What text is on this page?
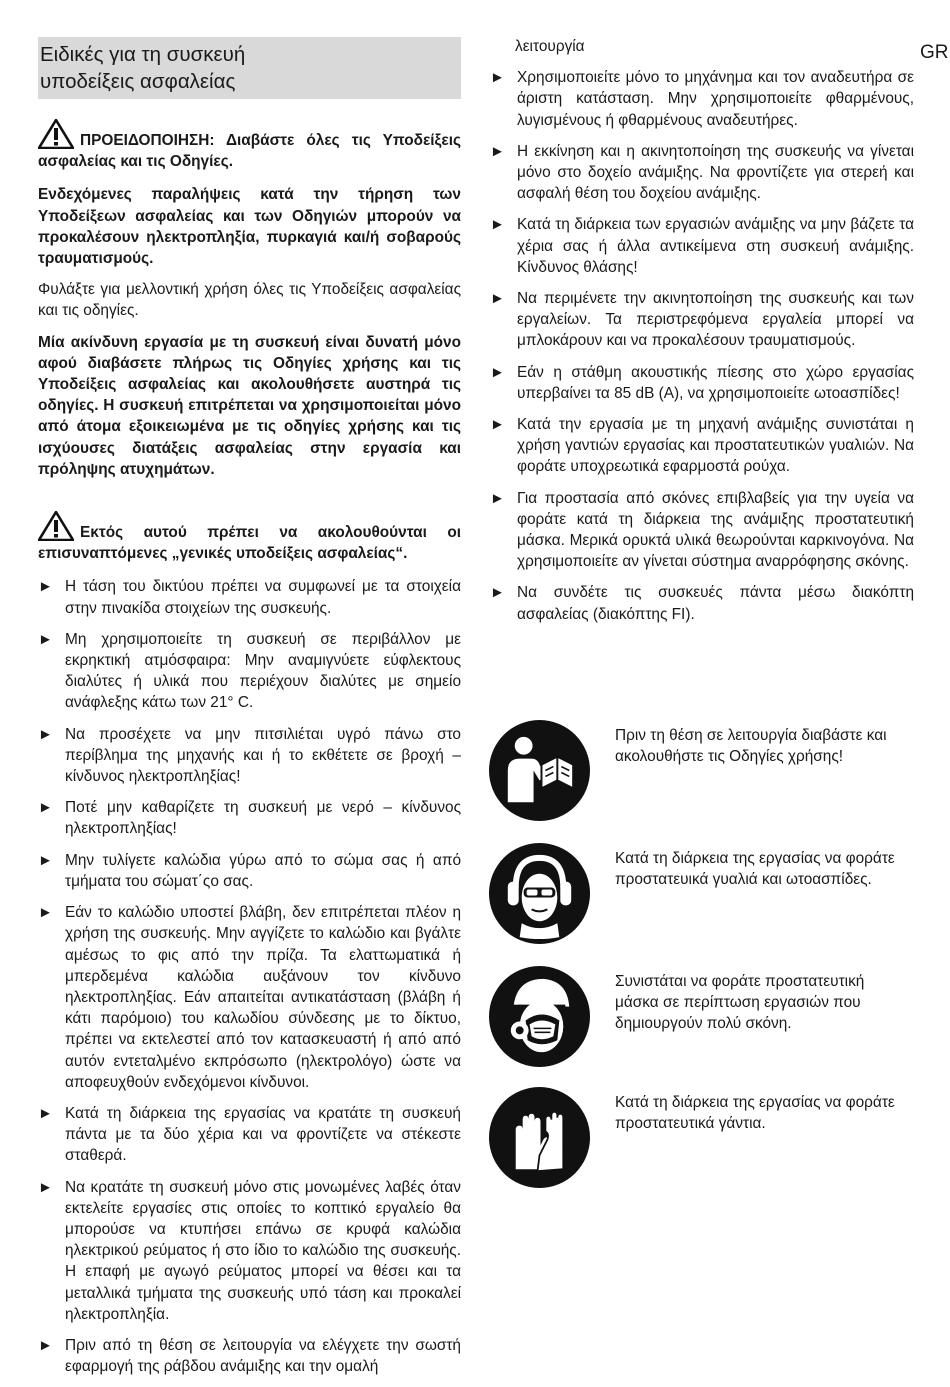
GR
Ειδικές για τη συσκευή
υποδείξεις ασφαλείας
ΠΡΟΕΙΔΟΠΟΙΗΣΗ: Διαβάστε όλες τις Υποδείξεις ασφαλείας και τις Οδηγίες.

Ενδεχόμενες παραλήψεις κατά την τήρηση των Υποδείξεων ασφαλείας και των Οδηγιών μπορούν να προκαλέσουν ηλεκτροπληξία, πυρκαγιά και/ή σοβαρούς τραυματισμούς.

Φυλάξτε για μελλοντική χρήση όλες τις Υποδείξεις ασφαλείας και τις οδηγίες.

Μία ακίνδυνη εργασία με τη συσκευή είναι δυνατή μόνο αφού διαβάσετε πλήρως τις Οδηγίες χρήσης και τις Υποδείξεις ασφαλείας και ακολουθήσετε αυστηρά τις οδηγίες. Η συσκευή επιτρέπεται να χρησιμοποιείται μόνο από άτομα εξοικειωμένα με τις οδηγίες χρήσης και τις ισχύουσες διατάξεις ασφαλείας στην εργασία και πρόληψης ατυχημάτων.

Εκτός αυτού πρέπει να ακολουθούνται οι επισυναπτόμενες „γενικές υποδείξεις ασφαλείας“.
► Η τάση του δικτύου πρέπει να συμφωνεί με τα στοιχεία στην πινακίδα στοιχείων της συσκευής.
► Μη χρησιμοποιείτε τη συσκευή σε περιβάλλον με εκρηκτική ατμόσφαιρα: Μην αναμιγνύετε εύφλεκτους διαλύτες ή υλικά που περιέχουν διαλύτες με σημείο ανάφλεξης κάτω των 21° C.
► Να προσέχετε να μην πιτσιλιέται υγρό πάνω στο περίβλημα της μηχανής και ή το εκθέτετε σε βροχή – κίνδυνος ηλεκτροπληξίας!
► Ποτέ μην καθαρίζετε τη συσκευή με νερό – κίνδυνος ηλεκτροπληξίας!
► Μην τυλίγετε καλώδια γύρω από το σώμα σας ή από τμήματα του σώματ΄ςο σας.
► Εάν το καλώδιο υποστεί βλάβη, δεν επιτρέπεται πλέον η χρήση της συσκευής. Μην αγγίζετε το καλώδιο και βγάλτε αμέσως το φις από την πρίζα. Τα ελαττωματικά ή μπερδεμένα καλώδια αυξάνουν τον κίνδυνο ηλεκτροπληξίας. Εάν απαιτείται αντικατάσταση (βλάβη ή κάτι παρόμοιο) του καλωδίου σύνδεσης με το δίκτυο, πρέπει να εκτελεστεί από τον κατασκευαστή ή από από αυτόν εντεταλμένο εκπρόσωπο (ηλεκτρολόγο) ώστε να αποφευχθούν ενδεχόμενοι κίνδυνοι.
► Κατά τη διάρκεια της εργασίας να κρατάτε τη συσκευή πάντα με τα δύο χέρια και να φροντίζετε να στέκεστε σταθερά.
► Να κρατάτε τη συσκευή μόνο στις μονωμένες λαβές όταν εκτελείτε εργασίες στις οποίες το κοπτικό εργαλείο θα μπορούσε να κτυπήσει επάνω σε κρυφά καλώδια ηλεκτρικού ρεύματος ή στο ίδιο το καλώδιο της συσκευής. Η επαφή με αγωγό ρεύματος μπορεί να θέσει και τα μεταλλικά τμήματα της συσκευής υπό τάση και προκαλεί ηλεκτροπληξία.
► Πριν από τη θέση σε λειτουργία να ελέγχετε την σωστή εφαρμογή της ράβδου ανάμιξης και την ομαλή
λειτουργία
► Χρησιμοποιείτε μόνο το μηχάνημα και τον αναδευτήρα σε άριστη κατάσταση. Μην χρησιμοποιείτε φθαρμένους, λυγισμένους ή φθαρμένους αναδευτήρες.
► Η εκκίνηση και η ακινητοποίηση της συσκευής να γίνεται μόνο στο δοχείο ανάμιξης. Να φροντίζετε για στερεή και ασφαλή θέση του δοχείου ανάμιξης.
► Κατά τη διάρκεια των εργασιών ανάμιξης να μην βάζετε τα χέρια σας ή άλλα αντικείμενα στη συσκευή ανάμιξης. Κίνδυνος θλάσης!
► Να περιμένετε την ακινητοποίηση της συσκευής και των εργαλείων. Τα περιστρεφόμενα εργαλεία μπορεί να μπλοκάρουν και να προκαλέσουν τραυματισμούς.
► Εάν η στάθμη ακουστικής πίεσης στο χώρο εργασίας υπερβαίνει τα 85 dB (A), να χρησιμοποιείτε ωτοασπίδες!
► Κατά την εργασία με τη μηχανή ανάμιξης συνιστάται η χρήση γαντιών εργασίας και προστατευτικών γυαλιών. Να φοράτε υποχρεωτικά εφαρμοστά ρούχα.
► Για προστασία από σκόνες επιβλαβείς για την υγεία να φοράτε κατά τη διάρκεια της ανάμιξης προστατευτική μάσκα. Μερικά ορυκτά υλικά θεωρούνται καρκινογόνα. Να χρησιμοποιείτε αν γίνεται σύστημα αναρρόφησης σκόνης.
► Να συνδέτε τις συσκευές πάντα μέσω διακόπτη ασφαλείας (διακόπτης FI).
Πριν τη θέση σε λειτουργία διαβάστε και ακολουθήστε τις Οδηγίες χρήσης!
Κατά τη διάρκεια της εργασίας να φοράτε προστατευικά γυαλιά και ωτοασπίδες.
Συνιστάται να φοράτε προστατευτική μάσκα σε περίπτωση εργασιών που δημιουργούν πολύ σκόνη.
Κατά τη διάρκεια της εργασίας να φοράτε προστατευτικά γάντια.
